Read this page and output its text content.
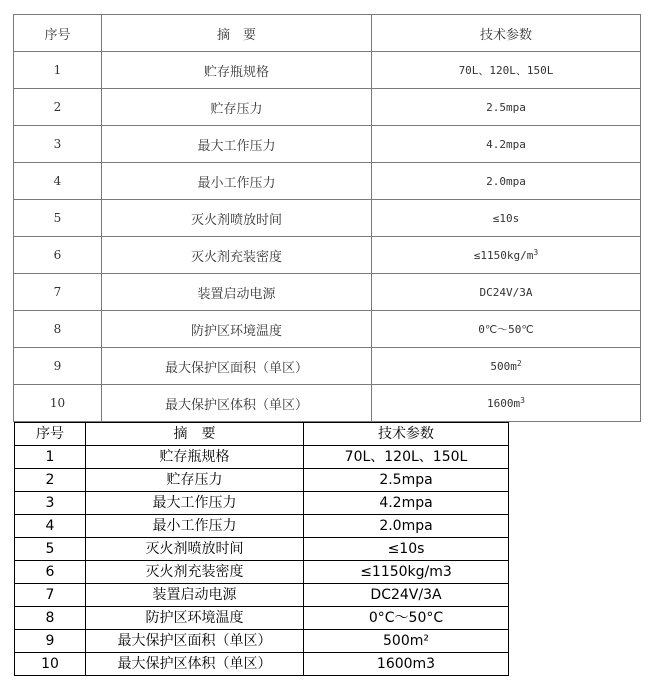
序号	摘　要	技术参数
1	贮存瓶规格	70L、120L、150L
2	贮存压力	2.5mpa
3	最大工作压力	4.2mpa
4	最小工作压力	2.0mpa
5	灭火剂喷放时间	≤10s
6	灭火剂充装密度	$\le 1150kg/m^3$
7	装置启动电源	DC24V/3A
8	防护区环境温度	0℃～50℃
9	最大保护区面积（单区）	$500m^2$
10	最大保护区体积（单区）	$1600m^3$
序号	摘　要	技术参数
1	贮存瓶规格	70L、120L、150L
2	贮存压力	2.5mpa
3	最大工作压力	4.2mpa
4	最小工作压力	2.0mpa
5	灭火剂喷放时间	≤10s
6	灭火剂充装密度	≤1150kg/m3
7	装置启动电源	DC24V/3A
8	防护区环境温度	0°C～50°C
9	最大保护区面积（单区）	500m²
10	最大保护区体积（单区）	1600m3
